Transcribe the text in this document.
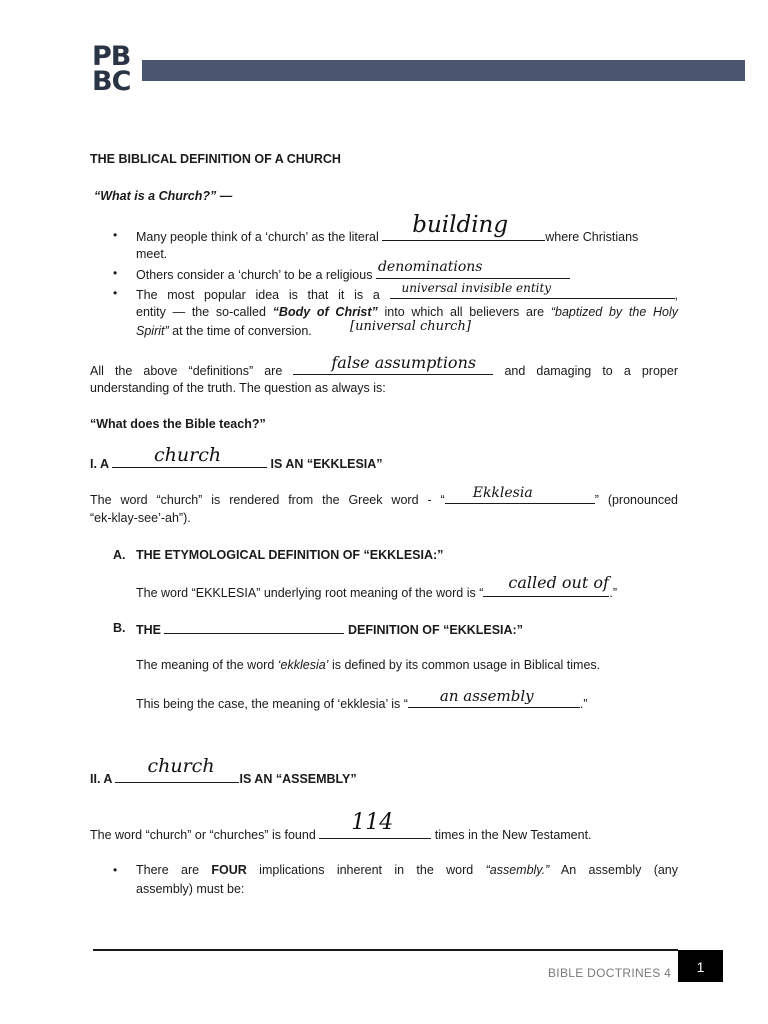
PB
BC
THE BIBLICAL DEFINITION OF A CHURCH
“What is a Church?” —
• Many people think of a ‘church’ as the literal building	where Christians
meet.
• Others consider a ‘church’ to be a religious denominations
• The most popular idea is that it is a universal invisible entity	,
entity — the so-called “Body of Christ” into which all believers are “baptized by the Holy
Spirit” at the time of conversion.	[universal church]
All the above “definitions” are	false assumptions and damaging to a proper
understanding of the truth. The question as always is:
“What does the Bible teach?”
I. A church	IS AN “EKKLESIA”
The word “church” is rendered from the Greek word - “ Ekklesia	” (pronounced
“ek-klay-see’-ah”).
A. THE ETYMOLOGICAL DEFINITION OF “EKKLESIA:”
The word “EKKLESIA” underlying root meaning of the word is “
called out of
.”
B. THE	DEFINITION OF “EKKLESIA:”
The meaning of the word ‘ekklesia’ is defined by its common usage in Biblical times.
This being the case, the meaning of ‘ekklesia’ is “ an assembly	.”
II. A
church
IS AN “ASSEMBLY”
The word “church” or “churches” is found 114	times in the New Testament.
• There are FOUR implications inherent in the word “assembly.” An assembly (any
assembly) must be:
BIBLE DOCTRINES 4	1
